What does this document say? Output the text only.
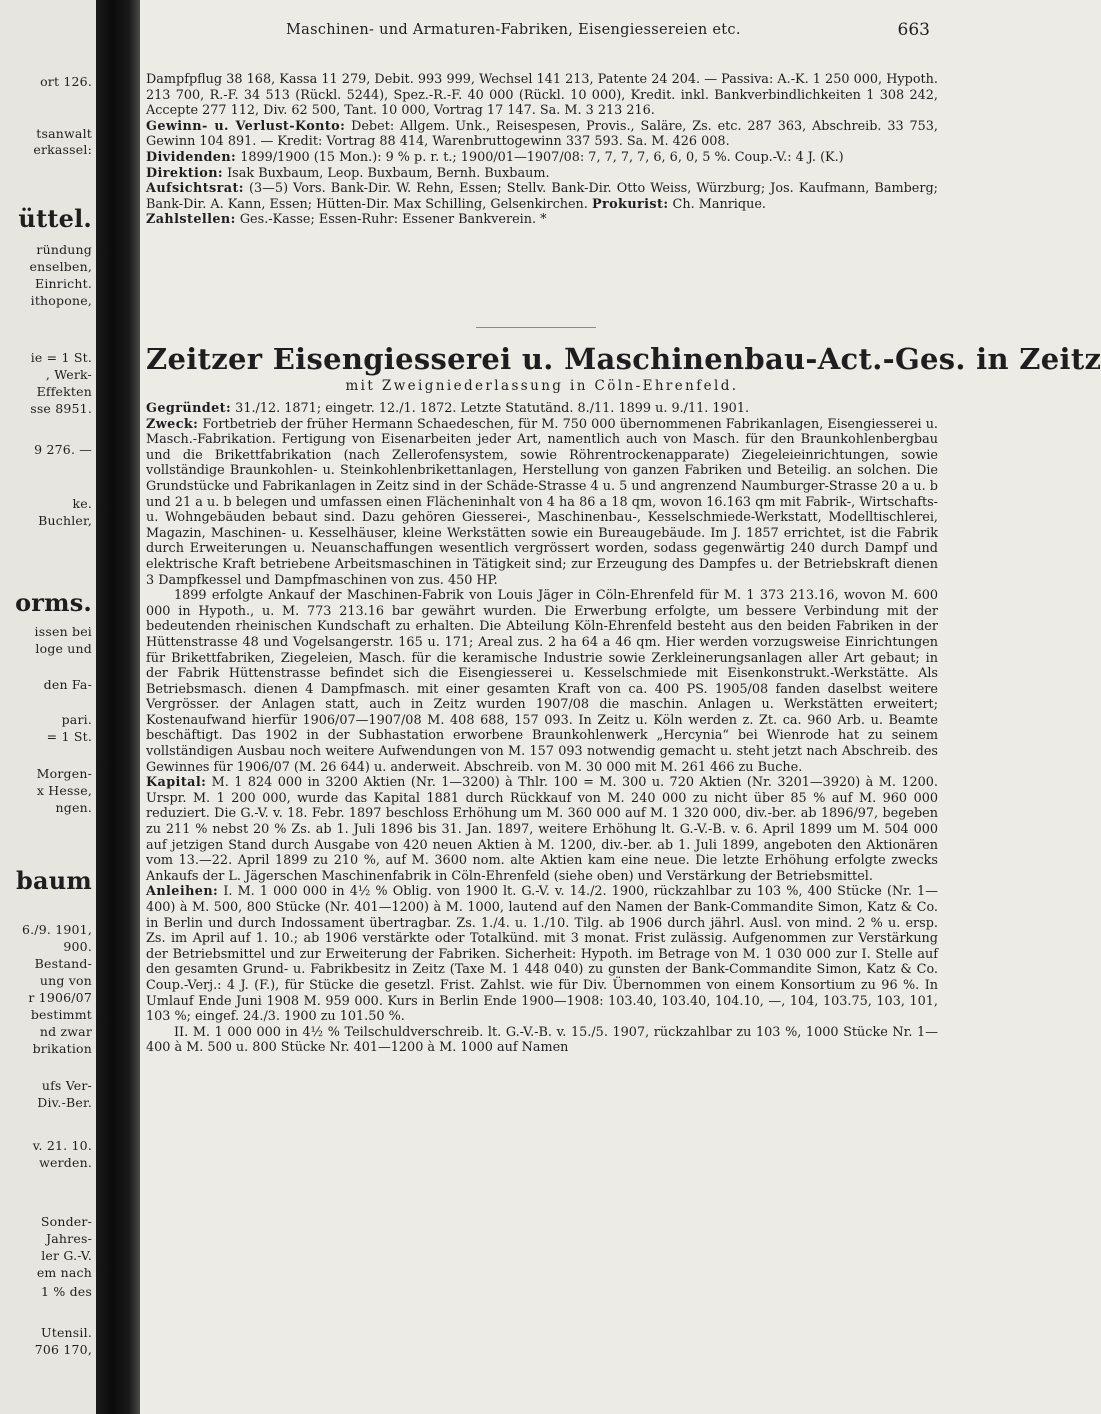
ort 126.
tsanwalt
erkassel:
üttel.
ründung
enselben,
Einricht.
ithopone,
ie = 1 St.
, Werk-
Effekten
sse 8951.
9 276. —
ke.
Buchler,
orms.
issen bei
loge und
den Fa-
pari.
= 1 St.
Morgen-
x Hesse,
ngen.
baum
6./9. 1901,
900.
Bestand-
ung von
r 1906/07
bestimmt
nd zwar
brikation
ufs Ver-
Div.-Ber.
v. 21. 10.
werden.
Sonder-
Jahres-
ler G.-V.
em nach
1 % des
Utensil.
706 170,
Maschinen- und Armaturen-Fabriken, Eisengiessereien etc.	663

Dampfpflug 38 168, Kassa 11 279, Debit. 993 999, Wechsel 141 213, Patente 24 204. — Passiva: A.-K. 1 250 000, Hypoth. 213 700, R.-F. 34 513 (Rückl. 5244), Spez.-R.-F. 40 000 (Rückl. 10 000), Kredit. inkl. Bankverbindlichkeiten 1 308 242, Accepte 277 112, Div. 62 500, Tant. 10 000, Vortrag 17 147. Sa. M. 3 213 216.

Gewinn- u. Verlust-Konto: Debet: Allgem. Unk., Reisespesen, Provis., Saläre, Zs. etc. 287 363, Abschreib. 33 753, Gewinn 104 891. — Kredit: Vortrag 88 414, Warenbruttogewinn 337 593. Sa. M. 426 008.

Dividenden: 1899/1900 (15 Mon.): 9 % p. r. t.; 1900/01—1907/08: 7, 7, 7, 7, 6, 6, 0, 5 %. Coup.-V.: 4 J. (K.)

Direktion: Isak Buxbaum, Leop. Buxbaum, Bernh. Buxbaum.

Aufsichtsrat: (3—5) Vors. Bank-Dir. W. Rehn, Essen; Stellv. Bank-Dir. Otto Weiss, Würzburg; Jos. Kaufmann, Bamberg; Bank-Dir. A. Kann, Essen; Hütten-Dir. Max Schilling, Gelsenkirchen. Prokurist: Ch. Manrique.

Zahlstellen: Ges.-Kasse; Essen-Ruhr: Essener Bankverein. *

Zeitzer Eisengiesserei u. Maschinenbau-Act.-Ges. in Zeitz
mit Zweigniederlassung in Cöln-Ehrenfeld.

Gegründet: 31./12. 1871; eingetr. 12./1. 1872. Letzte Statutänd. 8./11. 1899 u. 9./11. 1901.

Zweck: Fortbetrieb der früher Hermann Schaedeschen, für M. 750 000 übernommenen Fabrikanlagen, Eisengiesserei u. Masch.-Fabrikation. Fertigung von Eisenarbeiten jeder Art, namentlich auch von Masch. für den Braunkohlenbergbau und die Brikettfabrikation (nach Zellerofensystem, sowie Röhrentrockenapparate) Ziegeleieinrichtungen, sowie vollständige Braunkohlen- u. Steinkohlenbrikettanlagen, Herstellung von ganzen Fabriken und Beteilig. an solchen. Die Grundstücke und Fabrikanlagen in Zeitz sind in der Schäde-Strasse 4 u. 5 und angrenzend Naumburger-Strasse 20 a u. b und 21 a u. b belegen und umfassen einen Flächeninhalt von 4 ha 86 a 18 qm, wovon 16.163 qm mit Fabrik-, Wirtschafts- u. Wohngebäuden bebaut sind. Dazu gehören Giesserei-, Maschinenbau-, Kesselschmiede-Werkstatt, Modelltischlerei, Magazin, Maschinen- u. Kesselhäuser, kleine Werkstätten sowie ein Bureaugebäude. Im J. 1857 errichtet, ist die Fabrik durch Erweiterungen u. Neuanschaffungen wesentlich vergrössert worden, sodass gegenwärtig 240 durch Dampf und elektrische Kraft betriebene Arbeitsmaschinen in Tätigkeit sind; zur Erzeugung des Dampfes u. der Betriebskraft dienen 3 Dampfkessel und Dampfmaschinen von zus. 450 HP.

1899 erfolgte Ankauf der Maschinen-Fabrik von Louis Jäger in Cöln-Ehrenfeld für M. 1 373 213.16, wovon M. 600 000 in Hypoth., u. M. 773 213.16 bar gewährt wurden. Die Erwerbung erfolgte, um bessere Verbindung mit der bedeutenden rheinischen Kundschaft zu erhalten. Die Abteilung Köln-Ehrenfeld besteht aus den beiden Fabriken in der Hüttenstrasse 48 und Vogelsangerstr. 165 u. 171; Areal zus. 2 ha 64 a 46 qm. Hier werden vorzugsweise Einrichtungen für Brikettfabriken, Ziegeleien, Masch. für die keramische Industrie sowie Zerkleinerungsanlagen aller Art gebaut; in der Fabrik Hüttenstrasse befindet sich die Eisengiesserei u. Kesselschmiede mit Eisenkonstrukt.-Werkstätte. Als Betriebsmasch. dienen 4 Dampfmasch. mit einer gesamten Kraft von ca. 400 PS. 1905/08 fanden daselbst weitere Vergrösser. der Anlagen statt, auch in Zeitz wurden 1907/08 die maschin. Anlagen u. Werkstätten erweitert; Kostenaufwand hierfür 1906/07—1907/08 M. 408 688, 157 093. In Zeitz u. Köln werden z. Zt. ca. 960 Arb. u. Beamte beschäftigt. Das 1902 in der Subhastation erworbene Braunkohlenwerk „Hercynia“ bei Wienrode hat zu seinem vollständigen Ausbau noch weitere Aufwendungen von M. 157 093 notwendig gemacht u. steht jetzt nach Abschreib. des Gewinnes für 1906/07 (M. 26 644) u. anderweit. Abschreib. von M. 30 000 mit M. 261 466 zu Buche.

Kapital: M. 1 824 000 in 3200 Aktien (Nr. 1—3200) à Thlr. 100 = M. 300 u. 720 Aktien (Nr. 3201—3920) à M. 1200. Urspr. M. 1 200 000, wurde das Kapital 1881 durch Rückkauf von M. 240 000 zu nicht über 85 % auf M. 960 000 reduziert. Die G.-V. v. 18. Febr. 1897 beschloss Erhöhung um M. 360 000 auf M. 1 320 000, div.-ber. ab 1896/97, begeben zu 211 % nebst 20 % Zs. ab 1. Juli 1896 bis 31. Jan. 1897, weitere Erhöhung lt. G.-V.-B. v. 6. April 1899 um M. 504 000 auf jetzigen Stand durch Ausgabe von 420 neuen Aktien à M. 1200, div.-ber. ab 1. Juli 1899, angeboten den Aktionären vom 13.—22. April 1899 zu 210 %, auf M. 3600 nom. alte Aktien kam eine neue. Die letzte Erhöhung erfolgte zwecks Ankaufs der L. Jägerschen Maschinenfabrik in Cöln-Ehrenfeld (siehe oben) und Verstärkung der Betriebsmittel.

Anleihen: I. M. 1 000 000 in 4½ % Oblig. von 1900 lt. G.-V. v. 14./2. 1900, rückzahlbar zu 103 %, 400 Stücke (Nr. 1—400) à M. 500, 800 Stücke (Nr. 401—1200) à M. 1000, lautend auf den Namen der Bank-Commandite Simon, Katz & Co. in Berlin und durch Indossament übertragbar. Zs. 1./4. u. 1./10. Tilg. ab 1906 durch jährl. Ausl. von mind. 2 % u. ersp. Zs. im April auf 1. 10.; ab 1906 verstärkte oder Totalkünd. mit 3 monat. Frist zulässig. Aufgenommen zur Verstärkung der Betriebsmittel und zur Erweiterung der Fabriken. Sicherheit: Hypoth. im Betrage von M. 1 030 000 zur I. Stelle auf den gesamten Grund- u. Fabrikbesitz in Zeitz (Taxe M. 1 448 040) zu gunsten der Bank-Commandite Simon, Katz & Co. Coup.-Verj.: 4 J. (F.), für Stücke die gesetzl. Frist. Zahlst. wie für Div. Übernommen von einem Konsortium zu 96 %. In Umlauf Ende Juni 1908 M. 959 000. Kurs in Berlin Ende 1900—1908: 103.40, 103.40, 104.10, —, 104, 103.75, 103, 101, 103 %; eingef. 24./3. 1900 zu 101.50 %.

II. M. 1 000 000 in 4½ % Teilschuldverschreib. lt. G.-V.-B. v. 15./5. 1907, rückzahlbar zu 103 %, 1000 Stücke Nr. 1—400 à M. 500 u. 800 Stücke Nr. 401—1200 à M. 1000 auf Namen
